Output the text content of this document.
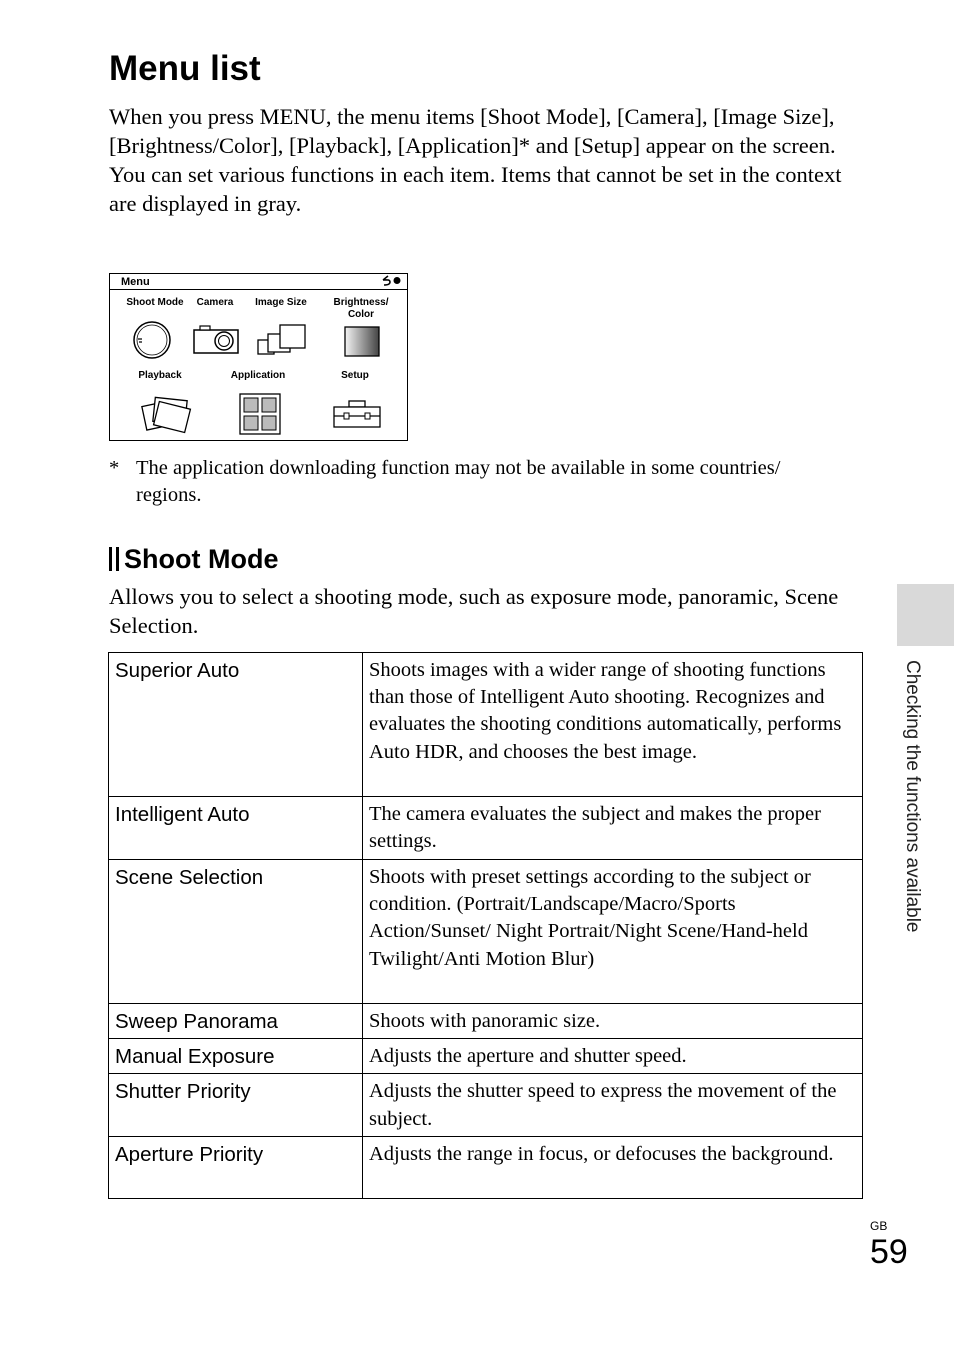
Menu list

When you press MENU, the menu items [Shoot Mode], [Camera], [Image Size], [Brightness/Color], [Playback], [Application]* and [Setup] appear on the screen.

You can set various functions in each item. Items that cannot be set in the context are displayed in gray.

Menu
Shoot Mode	Camera	Image Size	Brightness/ Color
Playback	Application	Setup
* The application downloading function may not be available in some countries/ regions.
Shoot Mode
Allows you to select a shooting mode, such as exposure mode, panoramic, Scene Selection.
Superior Auto	Shoots images with a wider range of shooting functions than those of Intelligent Auto shooting. Recognizes and evaluates the shooting conditions automatically, performs Auto HDR, and chooses the best image.
Intelligent Auto	The camera evaluates the subject and makes the proper settings.
Scene Selection	Shoots with preset settings according to the subject or condition. (Portrait/Landscape/Macro/Sports Action/Sunset/ Night Portrait/Night Scene/Hand-held Twilight/Anti Motion Blur)
Sweep Panorama	Shoots with panoramic size.
Manual Exposure	Adjusts the aperture and shutter speed.
Shutter Priority	Adjusts the shutter speed to express the movement of the subject.
Aperture Priority	Adjusts the range in focus, or defocuses the background.
Checking the functions available
GB
59
